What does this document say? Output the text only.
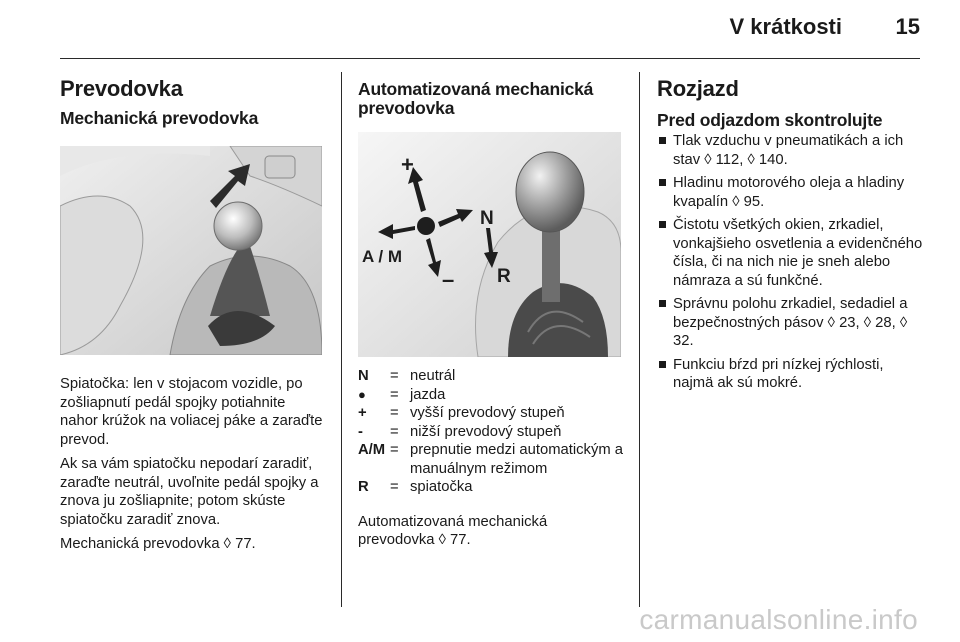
V krátkosti 15
Prevodovka
Mechanická prevodovka

Spiatočka: len v stojacom vozidle, po zošliapnutí pedál spojky potiahnite nahor krúžok na voliacej páke a zaraďte prevod.

Ak sa vám spiatočku nepodarí zaradiť, zaraďte neutrál, uvoľnite pedál spojky a znova ju zošliapnite; potom skúste spiatočku zaradiť znova.

Mechanická prevodovka ◊ 77.

Automatizovaná mechanická prevodovka
+
–
N
R
A / M
N	= neutrál
●	= jazda
+	= vyšší prevodový stupeň
-	= nižší prevodový stupeň
A/M = prepnutie medzi automatickým a manuálnym režimom
R	= spiatočka

Automatizovaná mechanická prevodovka ◊ 77.

Rozjazd
Pred odjazdom skontrolujte
Tlak vzduchu v pneumatikách a ich stav ◊ 112, ◊ 140.
Hladinu motorového oleja a hladiny kvapalín ◊ 95.
Čistotu všetkých okien, zrkadiel, vonkajšieho osvetlenia a evidenčného čísla, či na nich nie je sneh alebo námraza a sú funkčné.
Správnu polohu zrkadiel, sedadiel a bezpečnostných pásov ◊ 23, ◊ 28, ◊ 32.
Funkciu bŕzd pri nízkej rýchlosti, najmä ak sú mokré.
carmanualsonline.info
